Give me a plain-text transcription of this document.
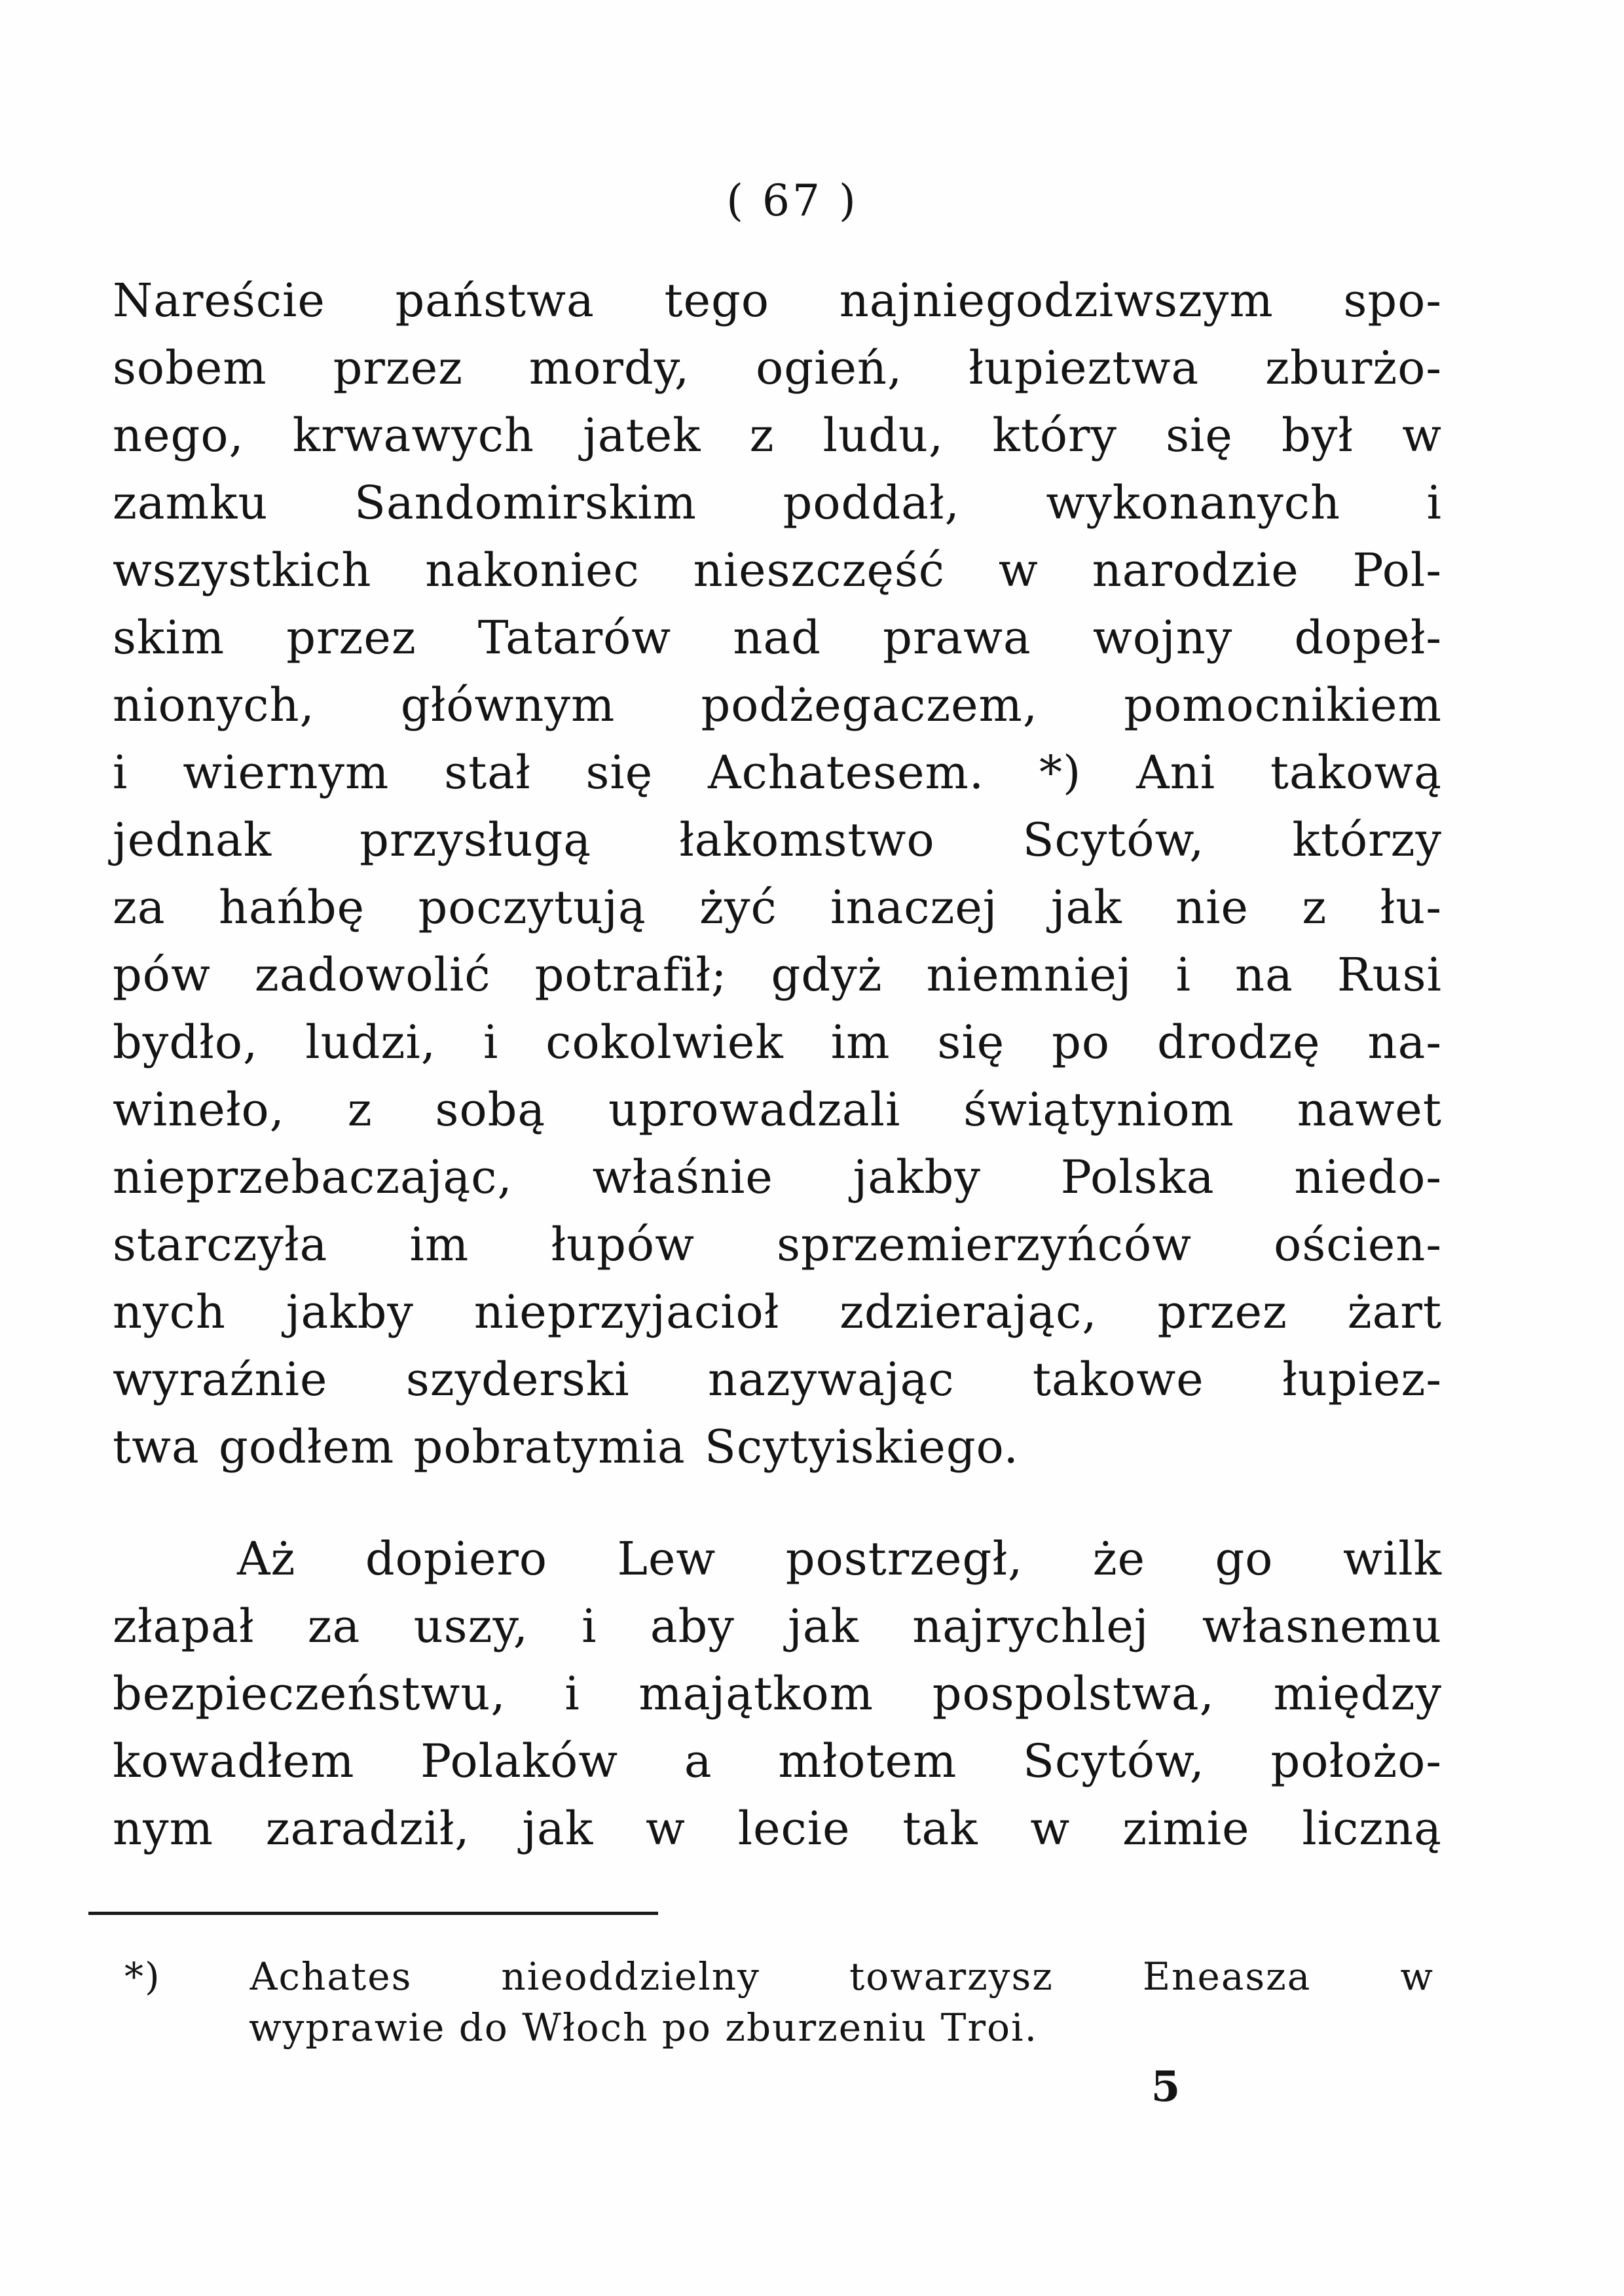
( 67 )
Nareście państwa tego najniegodziwszym spo-
sobem przez mordy, ogień, łupieztwa zburżo-
nego, krwawych jatek z ludu, który się był w
zamku Sandomirskim poddał, wykonanych i
wszystkich nakoniec nieszczęść w narodzie Pol-
skim przez Tatarów nad prawa wojny dopeł-
nionych, głównym podżegaczem, pomocnikiem
i wiernym stał się Achatesem. *) Ani takową
jednak przysługą łakomstwo Scytów, którzy
za hańbę poczytują żyć inaczej jak nie z łu-
pów zadowolić potrafił; gdyż niemniej i na Rusi
bydło, ludzi, i cokolwiek im się po drodzę na-
wineło, z sobą uprowadzali świątyniom nawet
nieprzebaczając, właśnie jakby Polska niedo-
starczyła im łupów sprzemierzyńców ościen-
nych jakby nieprzyjacioł zdzierając, przez żart
wyraźnie szyderski nazywając takowe łupiez-
twa godłem pobratymia Scytyiskiego.
Aż dopiero Lew postrzegł, że go wilk
złapał za uszy, i aby jak najrychlej własnemu
bezpieczeństwu, i majątkom pospolstwa, między
kowadłem Polaków a młotem Scytów, położo-
nym zaradził, jak w lecie tak w zimie liczną
*) Achates nieoddzielny towarzysz Eneasza w
wyprawie do Włoch po zburzeniu Troi.
5
